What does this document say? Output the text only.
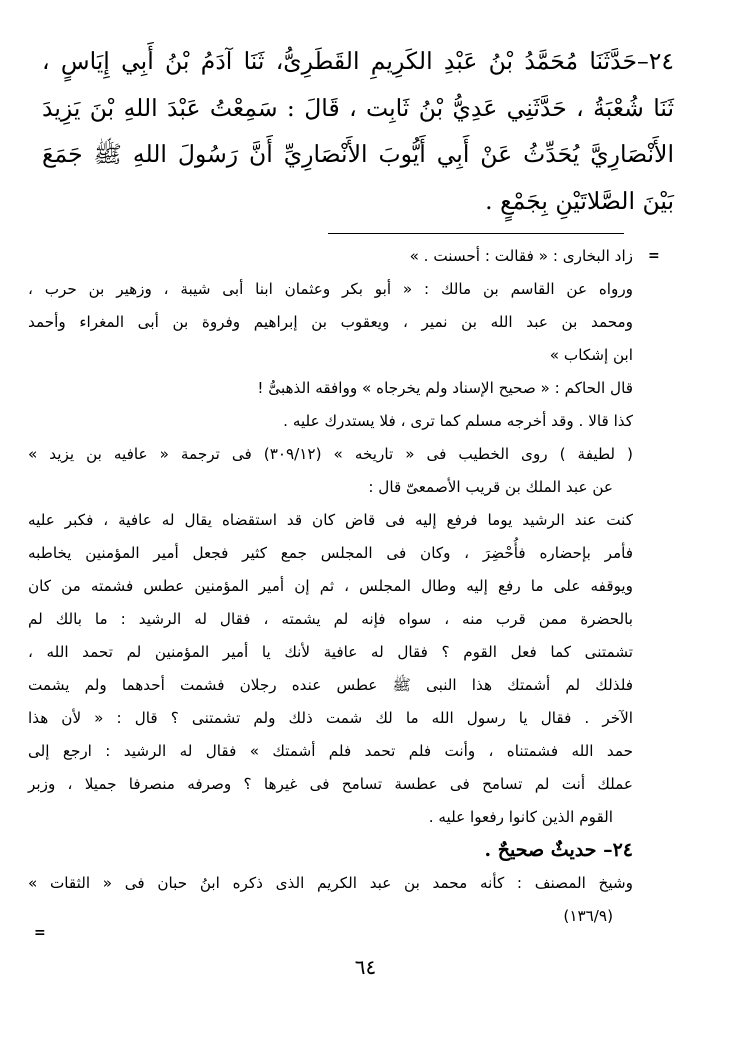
٢٤–حَدَّثَنَا مُحَمَّدُ بْنُ عَبْدِ الكَرِيمِ القَطَرِىُّ، ثَنَا آدَمُ بْنُ أَبِي إِيَاسٍ ،
ثَنَا شُعْبَةُ ، حَدَّثَنِي عَدِيُّ بْنُ ثَابِت ، قَالَ : سَمِعْتُ عَبْدَ اللهِ بْنَ يَزِيدَ
الأَنْصَارِيَّ يُحَدِّثُ عَنْ أَبِي أَيُّوبَ الأَنْصَارِيِّ أَنَّ رَسُولَ اللهِ ﷺ جَمَعَ
بَيْنَ الصَّلاتَيْنِ بِجَمْعٍ .
زاد البخارى : « فقالت : أحسنت . »
ورواه عن القاسم بن مالك : « أبو بكر وعثمان ابنا أبى شيبة ، وزهير بن حرب ،
ومحمد بن عبد الله بن نمير ، ويعقوب بن إبراهيم وفروة بن أبى المغراء وأحمد
ابن إشكاب »
قال الحاكم : « صحيح الإسناد ولم يخرجاه » ووافقه الذهبىُّ !
كذا قالا . وقد أخرجه مسلم كما ترى ، فلا يستدرك عليه .
( لطيفة ) روى الخطيب فى « تاريخه » (٣٠٩/١٢) فى ترجمة « عافيه بن يزيد »
عن عبد الملك بن قريب الأصمعىّ قال :
كنت عند الرشيد يوما فرفع إليه فى قاض كان قد استقضاه يقال له عافية ، فكبر عليه
فأمر بإحضاره فأُحْضِرَ ، وكان فى المجلس جمع كثير فجعل أمير المؤمنين يخاطبه
ويوقفه على ما رفع إليه وطال المجلس ، ثم إن أمير المؤمنين عطس فشمته من كان
بالحضرة ممن قرب منه ، سواه فإنه لم يشمته ، فقال له الرشيد : ما بالك لم
تشمتنى كما فعل القوم ؟ فقال له عافية لأنك يا أمير المؤمنين لم تحمد الله ،
فلذلك لم أشمتك هذا النبى ﷺ عطس عنده رجلان فشمت أحدهما ولم يشمت
الآخر . فقال يا رسول الله ما لك شمت ذلك ولم تشمتنى ؟ قال : « لأن هذا
حمد الله فشمتناه ، وأنت فلم تحمد فلم أشمتك » فقال له الرشيد : ارجع إلى
عملك أنت لم تسامح فى عطسة تسامح فى غيرها ؟ وصرفه منصرفا جميلا ، وزبر
القوم الذين كانوا رفعوا عليه .
٢٤– حديثٌ صحيحٌ .
وشيخ المصنف : كأنه محمد بن عبد الكريم الذى ذكره ابنُ حبان فى « الثقات »
(١٣٦/٩)
=
=
٦٤
